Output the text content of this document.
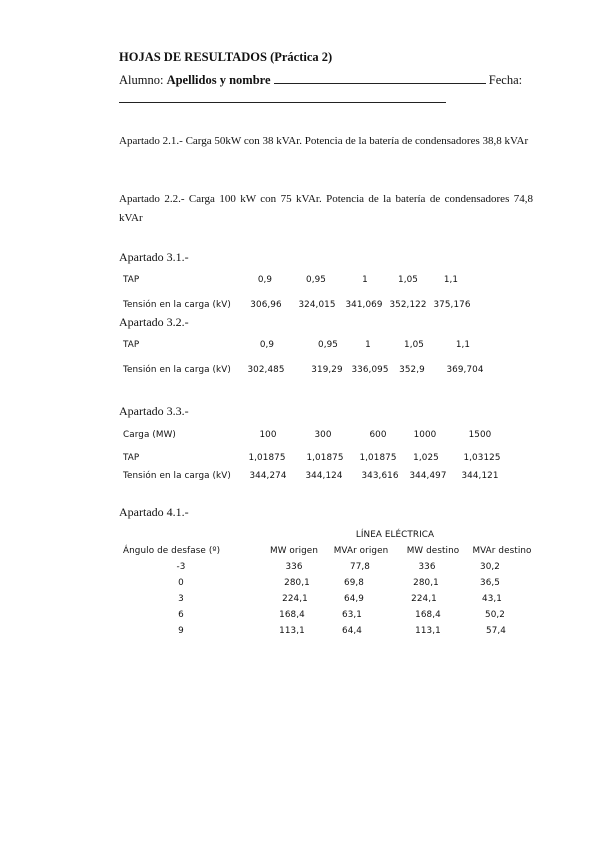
HOJAS DE RESULTADOS (Práctica 2)
Alumno: Apellidos y nombre	Fecha:
Apartado 2.1.- Carga 50kW con 38 kVAr. Potencia de la batería de condensadores 38,8 kVAr
Apartado 2.2.- Carga 100 kW con 75 kVAr. Potencia de la batería de condensadores 74,8 kVAr
Apartado 3.1.-
TAP	0,9	0,95	1	1,05	1,1
Tensión en la carga (kV)	306,96	324,015	341,069 352,122 375,176
Apartado 3.2.-
TAP	0,9	0,95	1	1,05	1,1
Tensión en la carga (kV)	302,485	319,29 336,095	352,9	369,704
Apartado 3.3.-
Carga (MW)	100	300	600	1000	1500
TAP	1,01875	1,01875	1,01875	1,025	1,03125
Tensión en la carga (kV)	344,274	344,124	343,616	344,497	344,121
Apartado 4.1.-
LÍNEA ELÉCTRICA
Ángulo de desfase (º)	MW origen	MVAr origen	MW destino	MVAr destino
-3	336	77,8	336	30,2
0	280,1	69,8	280,1	36,5
3	224,1	64,9	224,1	43,1
6	168,4	63,1	168,4	50,2
9	113,1	64,4	113,1	57,4
